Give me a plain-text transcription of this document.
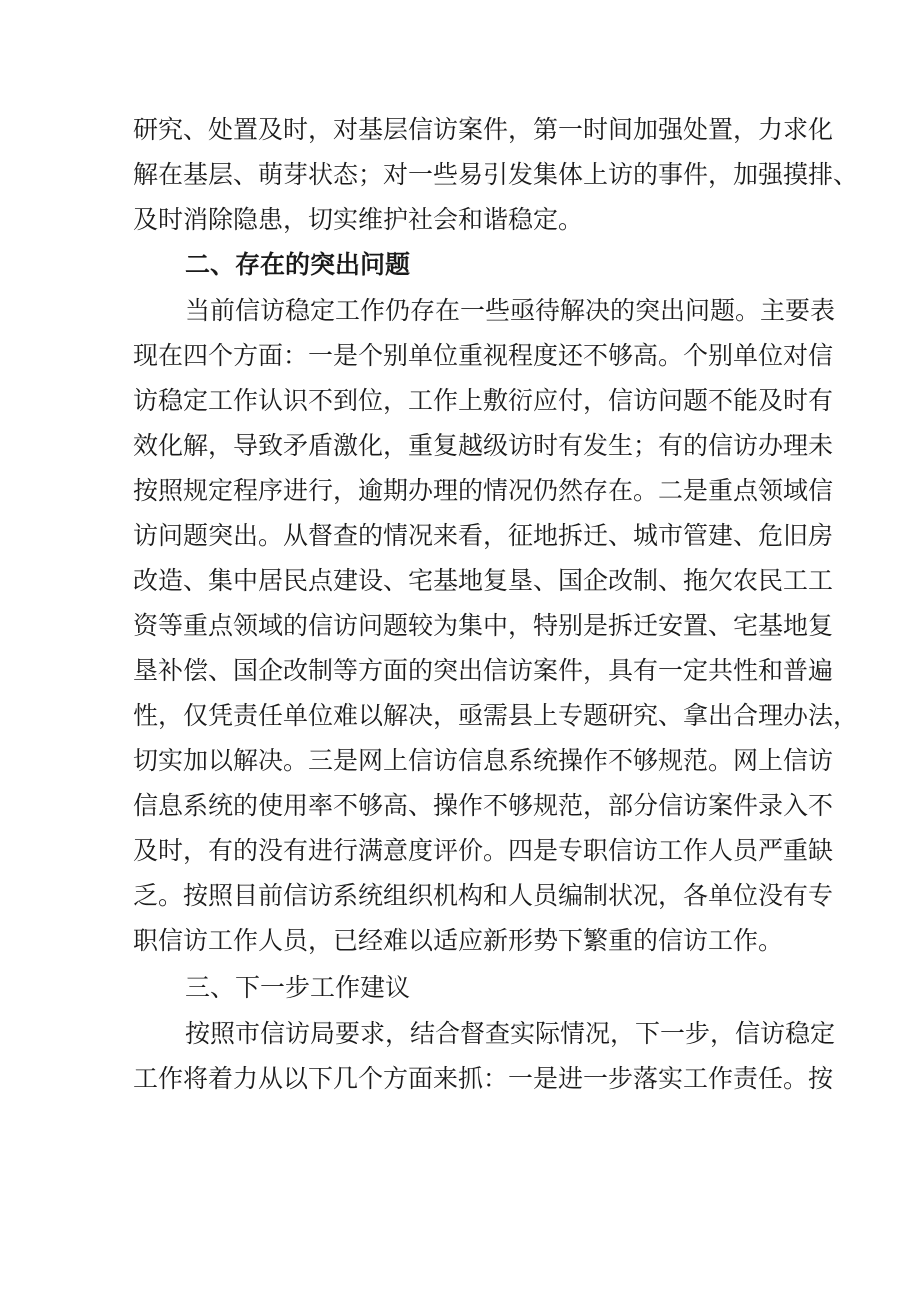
研究、处置及时，对基层信访案件，第一时间加强处置，力求化
解在基层、萌芽状态；对一些易引发集体上访的事件，加强摸排、
及时消除隐患，切实维护社会和谐稳定。
二、存在的突出问题
当前信访稳定工作仍存在一些亟待解决的突出问题。主要表
现在四个方面：一是个别单位重视程度还不够高。个别单位对信
访稳定工作认识不到位，工作上敷衍应付，信访问题不能及时有
效化解，导致矛盾激化，重复越级访时有发生；有的信访办理未
按照规定程序进行，逾期办理的情况仍然存在。二是重点领域信
访问题突出。从督查的情况来看，征地拆迁、城市管建、危旧房
改造、集中居民点建设、宅基地复垦、国企改制、拖欠农民工工
资等重点领域的信访问题较为集中，特别是拆迁安置、宅基地复
垦补偿、国企改制等方面的突出信访案件，具有一定共性和普遍
性，仅凭责任单位难以解决，亟需县上专题研究、拿出合理办法，
切实加以解决。三是网上信访信息系统操作不够规范。网上信访
信息系统的使用率不够高、操作不够规范，部分信访案件录入不
及时，有的没有进行满意度评价。四是专职信访工作人员严重缺
乏。按照目前信访系统组织机构和人员编制状况，各单位没有专
职信访工作人员，已经难以适应新形势下繁重的信访工作。
三、下一步工作建议
按照市信访局要求，结合督查实际情况，下一步，信访稳定
工作将着力从以下几个方面来抓：一是进一步落实工作责任。按
